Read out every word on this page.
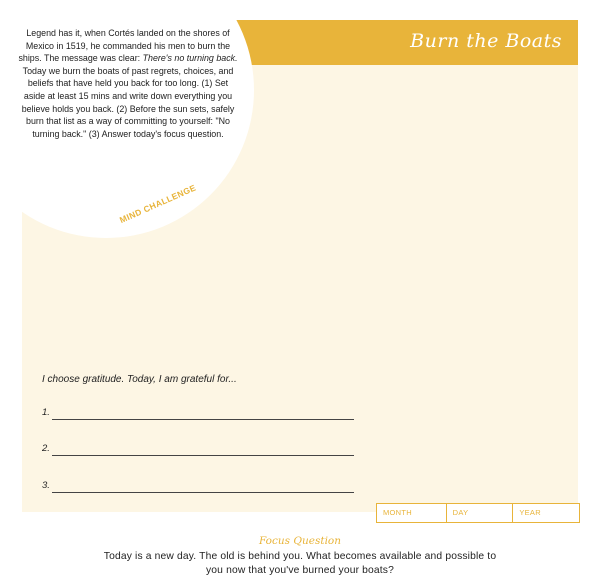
Burn the Boats
Legend has it, when Cortés landed on the shores of Mexico in 1519, he commanded his men to burn the ships. The message was clear: There's no turning back. Today we burn the boats of past regrets, choices, and beliefs that have held you back for too long. (1) Set aside at least 15 mins and write down everything you believe holds you back. (2) Before the sun sets, safely burn that list as a way of committing to yourself: "No turning back." (3) Answer today's focus question.
MIND CHALLENGE
I choose gratitude. Today, I am grateful for...
1.
2.
3.
MONTH	DAY	YEAR
Focus Question
Today is a new day. The old is behind you. What becomes available and possible to you now that you've burned your boats?
